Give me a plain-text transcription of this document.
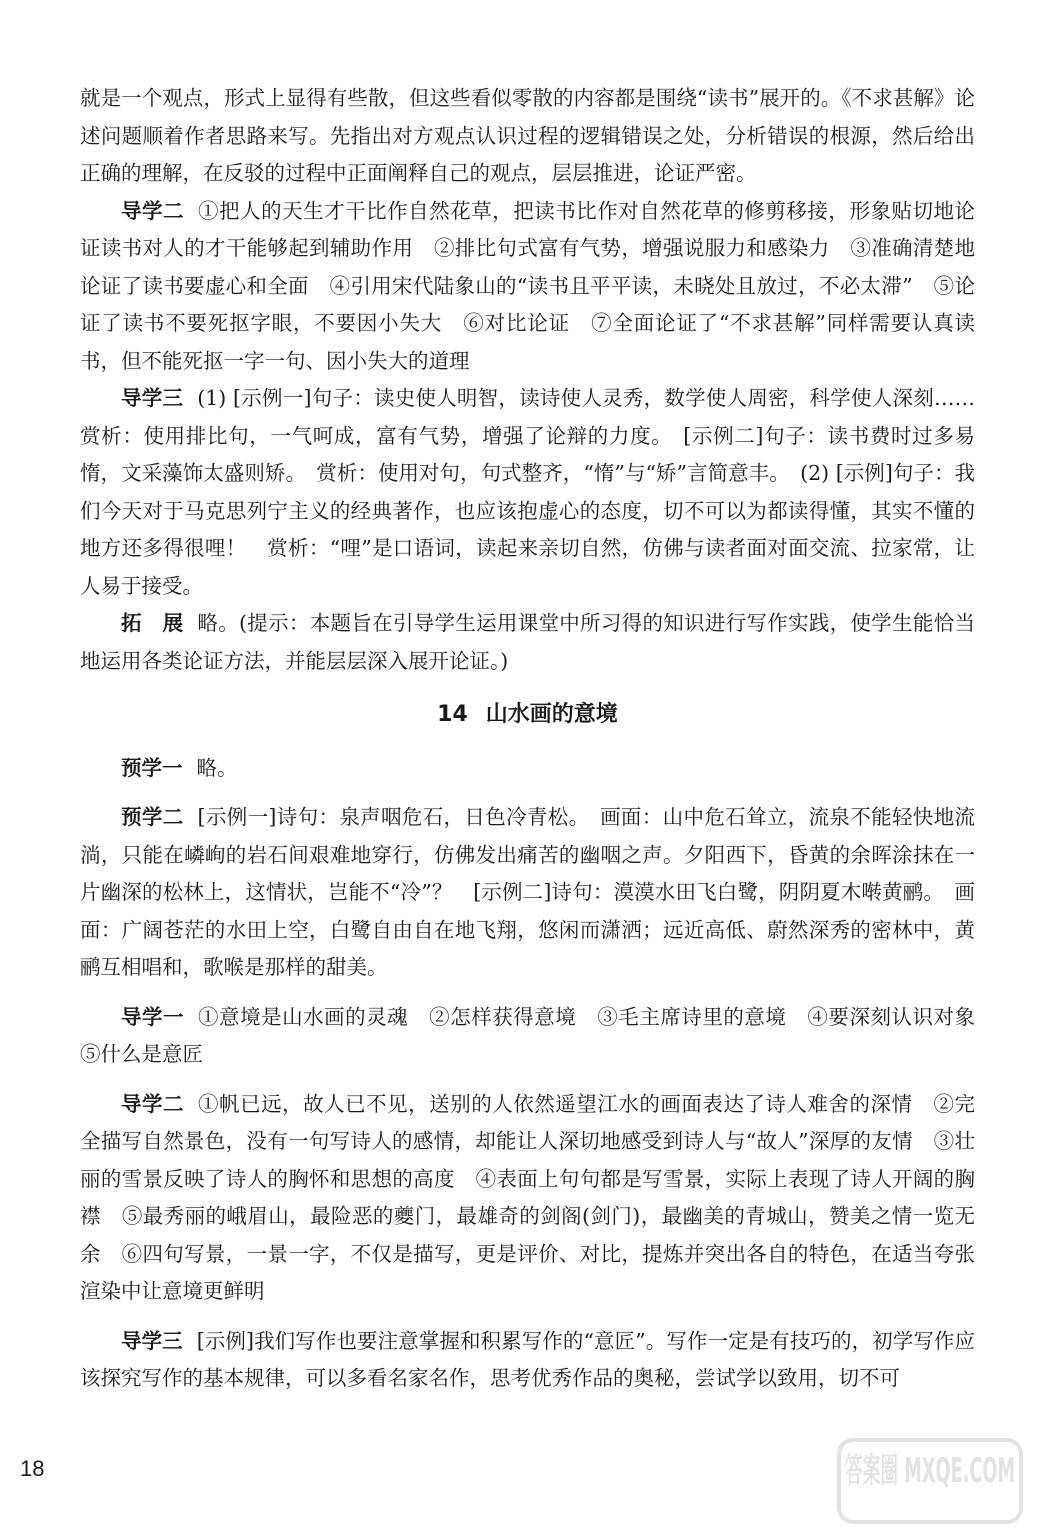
就是一个观点，形式上显得有些散，但这些看似零散的内容都是围绕“读书”展开的。《不求甚解》论述问题顺着作者思路来写。先指出对方观点认识过程的逻辑错误之处，分析错误的根源，然后给出正确的理解，在反驳的过程中正面阐释自己的观点，层层推进，论证严密。

导学二 ①把人的天生才干比作自然花草，把读书比作对自然花草的修剪移接，形象贴切地论证读书对人的才干能够起到辅助作用　②排比句式富有气势，增强说服力和感染力　③准确清楚地论证了读书要虚心和全面　④引用宋代陆象山的“读书且平平读，未晓处且放过，不必太滞”　⑤论证了读书不要死抠字眼，不要因小失大　⑥对比论证　⑦全面论证了“不求甚解”同样需要认真读书，但不能死抠一字一句、因小失大的道理

导学三 (1) [示例一]句子：读史使人明智，读诗使人灵秀，数学使人周密，科学使人深刻……　赏析：使用排比句，一气呵成，富有气势，增强了论辩的力度。　[示例二]句子：读书费时过多易惰，文采藻饰太盛则矫。　赏析：使用对句，句式整齐，“惰”与“矫”言简意丰。　(2) [示例]句子：我们今天对于马克思列宁主义的经典著作，也应该抱虚心的态度，切不可以为都读得懂，其实不懂的地方还多得很哩！　赏析：“哩”是口语词，读起来亲切自然，仿佛与读者面对面交流、拉家常，让人易于接受。

拓　展 略。(提示：本题旨在引导学生运用课堂中所习得的知识进行写作实践，使学生能恰当地运用各类论证方法，并能层层深入展开论证。)

14 山水画的意境

预学一 略。

预学二 [示例一]诗句：泉声咽危石，日色冷青松。　画面：山中危石耸立，流泉不能轻快地流淌，只能在嶙峋的岩石间艰难地穿行，仿佛发出痛苦的幽咽之声。夕阳西下，昏黄的余晖涂抹在一片幽深的松林上，这情状，岂能不“冷”？　[示例二]诗句：漠漠水田飞白鹭，阴阴夏木啭黄鹂。　画面：广阔苍茫的水田上空，白鹭自由自在地飞翔，悠闲而潇洒；远近高低、蔚然深秀的密林中，黄鹂互相唱和，歌喉是那样的甜美。

导学一 ①意境是山水画的灵魂　②怎样获得意境　③毛主席诗里的意境　④要深刻认识对象　⑤什么是意匠

导学二 ①帆已远，故人已不见，送别的人依然遥望江水的画面表达了诗人难舍的深情　②完全描写自然景色，没有一句写诗人的感情，却能让人深切地感受到诗人与“故人”深厚的友情　③壮丽的雪景反映了诗人的胸怀和思想的高度　④表面上句句都是写雪景，实际上表现了诗人开阔的胸襟　⑤最秀丽的峨眉山，最险恶的夔门，最雄奇的剑阁(剑门)，最幽美的青城山，赞美之情一览无余　⑥四句写景，一景一字，不仅是描写，更是评价、对比，提炼并突出各自的特色，在适当夸张渲染中让意境更鲜明

导学三 [示例]我们写作也要注意掌握和积累写作的“意匠”。写作一定是有技巧的，初学写作应该探究写作的基本规律，可以多看名家名作，思考优秀作品的奥秘，尝试学以致用，切不可

18	答案圈 MXQE.COM
